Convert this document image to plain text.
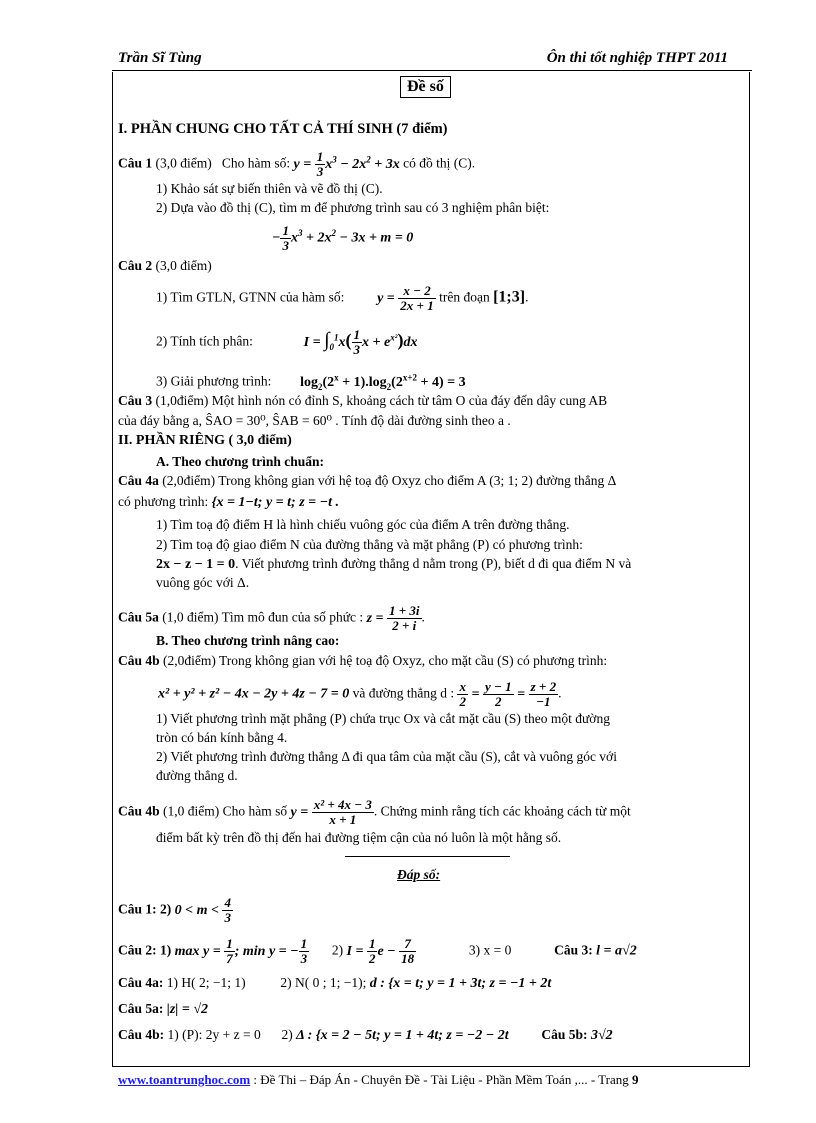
Trần Sĩ Tùng	Ôn thi tốt nghiệp THPT 2011
Đề số
I. PHẦN CHUNG CHO TẤT CẢ THÍ SINH (7 điểm)
Câu 1 (3,0 điểm) Cho hàm số: $y = \frac{1}{3} x^3 - 2x^2 + 3x$ có đồ thị (C).
1) Khảo sát sự biến thiên và vẽ đồ thị (C).
2) Dựa vào đồ thị (C), tìm m để phương trình sau có 3 nghiệm phân biệt:
− $\frac{1}{3} x^3 + 2x^2 - 3x + m = 0$
Câu 2 (3,0 điểm)
1) Tìm GTLN, GTNN của hàm số: $y = \frac{x - 2}{2x + 1}$ trên đoạn [1;3].
2) Tính tích phân:	$I = \int_0^1x( \frac{1}{3}$ $x + e^{x^2})dx$
3) Giải phương trình: $\log_2(2^x + 1).\log_2(2^{x+2} + 4) = 3$
Câu 3 (1,0điểm) Một hình nón có đỉnh S, khoảng cách từ tâm O của đáy đến dây cung AB
của đáy bằng a, ŜAO = 30⁰, ŜAB = 60⁰ . Tính độ dài đường sinh theo a .
II. PHẦN RIÊNG ( 3,0 điểm)
A. Theo chương trình chuẩn:
Câu 4a (2,0điểm) Trong không gian với hệ toạ độ Oxyz cho điểm A (3; 1; 2) đường thẳng Δ
có phương trình: {x = 1−t; y = t; z = −t .
1) Tìm toạ độ điểm H là hình chiếu vuông góc của điểm A trên đường thẳng.
2) Tìm toạ độ giao điểm N của đường thẳng và mặt phẳng (P) có phương trình:
2x − z − 1 = 0. Viết phương trình đường thẳng d nằm trong (P), biết d đi qua điểm N và
vuông góc với Δ.
Câu 5a (1,0 điểm) Tìm mô đun của số phức : $z = \frac{1 + 3i}{2 + i}$ .
B. Theo chương trình nâng cao:
Câu 4b (2,0điểm) Trong không gian với hệ toạ độ Oxyz, cho mặt cầu (S) có phương trình:
x² + y² + z² − 4x − 2y + 4z − 7 = 0 và đường thẳng d : $\frac{x}{2} = \frac{y - 1}{2} = \frac{z + 2}{-1}$ .
1) Viết phương trình mặt phẳng (P) chứa trục Ox và cắt mặt cầu (S) theo một đường
tròn có bán kính bằng 4.
2) Viết phương trình đường thẳng Δ đi qua tâm của mặt cầu (S), cắt và vuông góc với
đường thẳng d.
Câu 4b (1,0 điểm) Cho hàm số $y = \frac{\text{x² + 4x − 3}}{x + 1}$ . Chứng minh rằng tích các khoảng cách từ một
điểm bất kỳ trên đồ thị đến hai đường tiệm cận của nó luôn là một hằng số.
Đáp số:
Câu 1: 2) $0 < m < \frac{4}{3}$
Câu 2: 1) $\max y = \frac{1}{7}$ ; min y = − $\frac{1}{3} 2$) $I = \frac{1}{2}$ $e - \frac{7}{18}$	3) x = 0	Câu 3: l = a√2
Câu 4a: 1) H( 2; −1; 1)	2) N( 0 ; 1; −1); d : {x = t; y = 1 + 3t; z = −1 + 2t
Câu 5a: |z| = √2
Câu 4b: 1) (P): 2y + z = 0 2) Δ : {x = 2 − 5t; y = 1 + 4t; z = −2 − 2t Câu 5b: 3√2
www.toantrunghoc.com : Đề Thi – Đáp Án - Chuyên Đề - Tài Liệu - Phần Mềm Toán ,... - Trang 9
